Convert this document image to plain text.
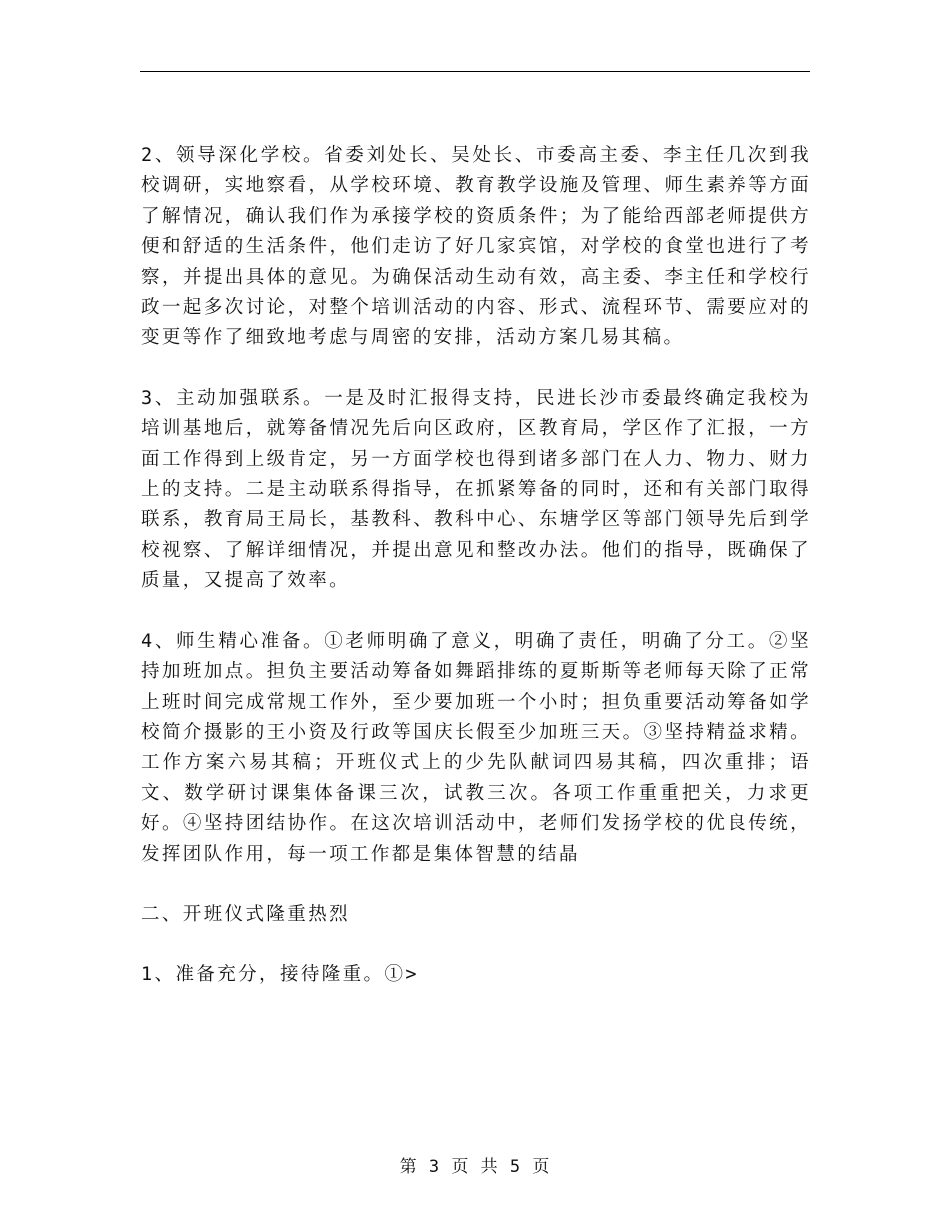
2、领导深化学校。省委刘处长、吴处长、市委高主委、李主任几次到我校调研，实地察看，从学校环境、教育教学设施及管理、师生素养等方面了解情况，确认我们作为承接学校的资质条件；为了能给西部老师提供方便和舒适的生活条件，他们走访了好几家宾馆，对学校的食堂也进行了考察，并提出具体的意见。为确保活动生动有效，高主委、李主任和学校行政一起多次讨论，对整个培训活动的内容、形式、流程环节、需要应对的变更等作了细致地考虑与周密的安排，活动方案几易其稿。

3、主动加强联系。一是及时汇报得支持，民进长沙市委最终确定我校为培训基地后，就筹备情况先后向区政府，区教育局，学区作了汇报，一方面工作得到上级肯定，另一方面学校也得到诸多部门在人力、物力、财力上的支持。二是主动联系得指导，在抓紧筹备的同时，还和有关部门取得联系，教育局王局长，基教科、教科中心、东塘学区等部门领导先后到学校视察、了解详细情况，并提出意见和整改办法。他们的指导，既确保了质量，又提高了效率。

4、师生精心准备。①老师明确了意义，明确了责任，明确了分工。②坚持加班加点。担负主要活动筹备如舞蹈排练的夏斯斯等老师每天除了正常上班时间完成常规工作外，至少要加班一个小时；担负重要活动筹备如学校简介摄影的王小资及行政等国庆长假至少加班三天。③坚持精益求精。工作方案六易其稿；开班仪式上的少先队献词四易其稿，四次重排；语文、数学研讨课集体备课三次，试教三次。各项工作重重把关，力求更好。④坚持团结协作。在这次培训活动中，老师们发扬学校的优良传统，发挥团队作用，每一项工作都是集体智慧的结晶

二、开班仪式隆重热烈

1、准备充分，接待隆重。①>

第 3 页 共 5 页
